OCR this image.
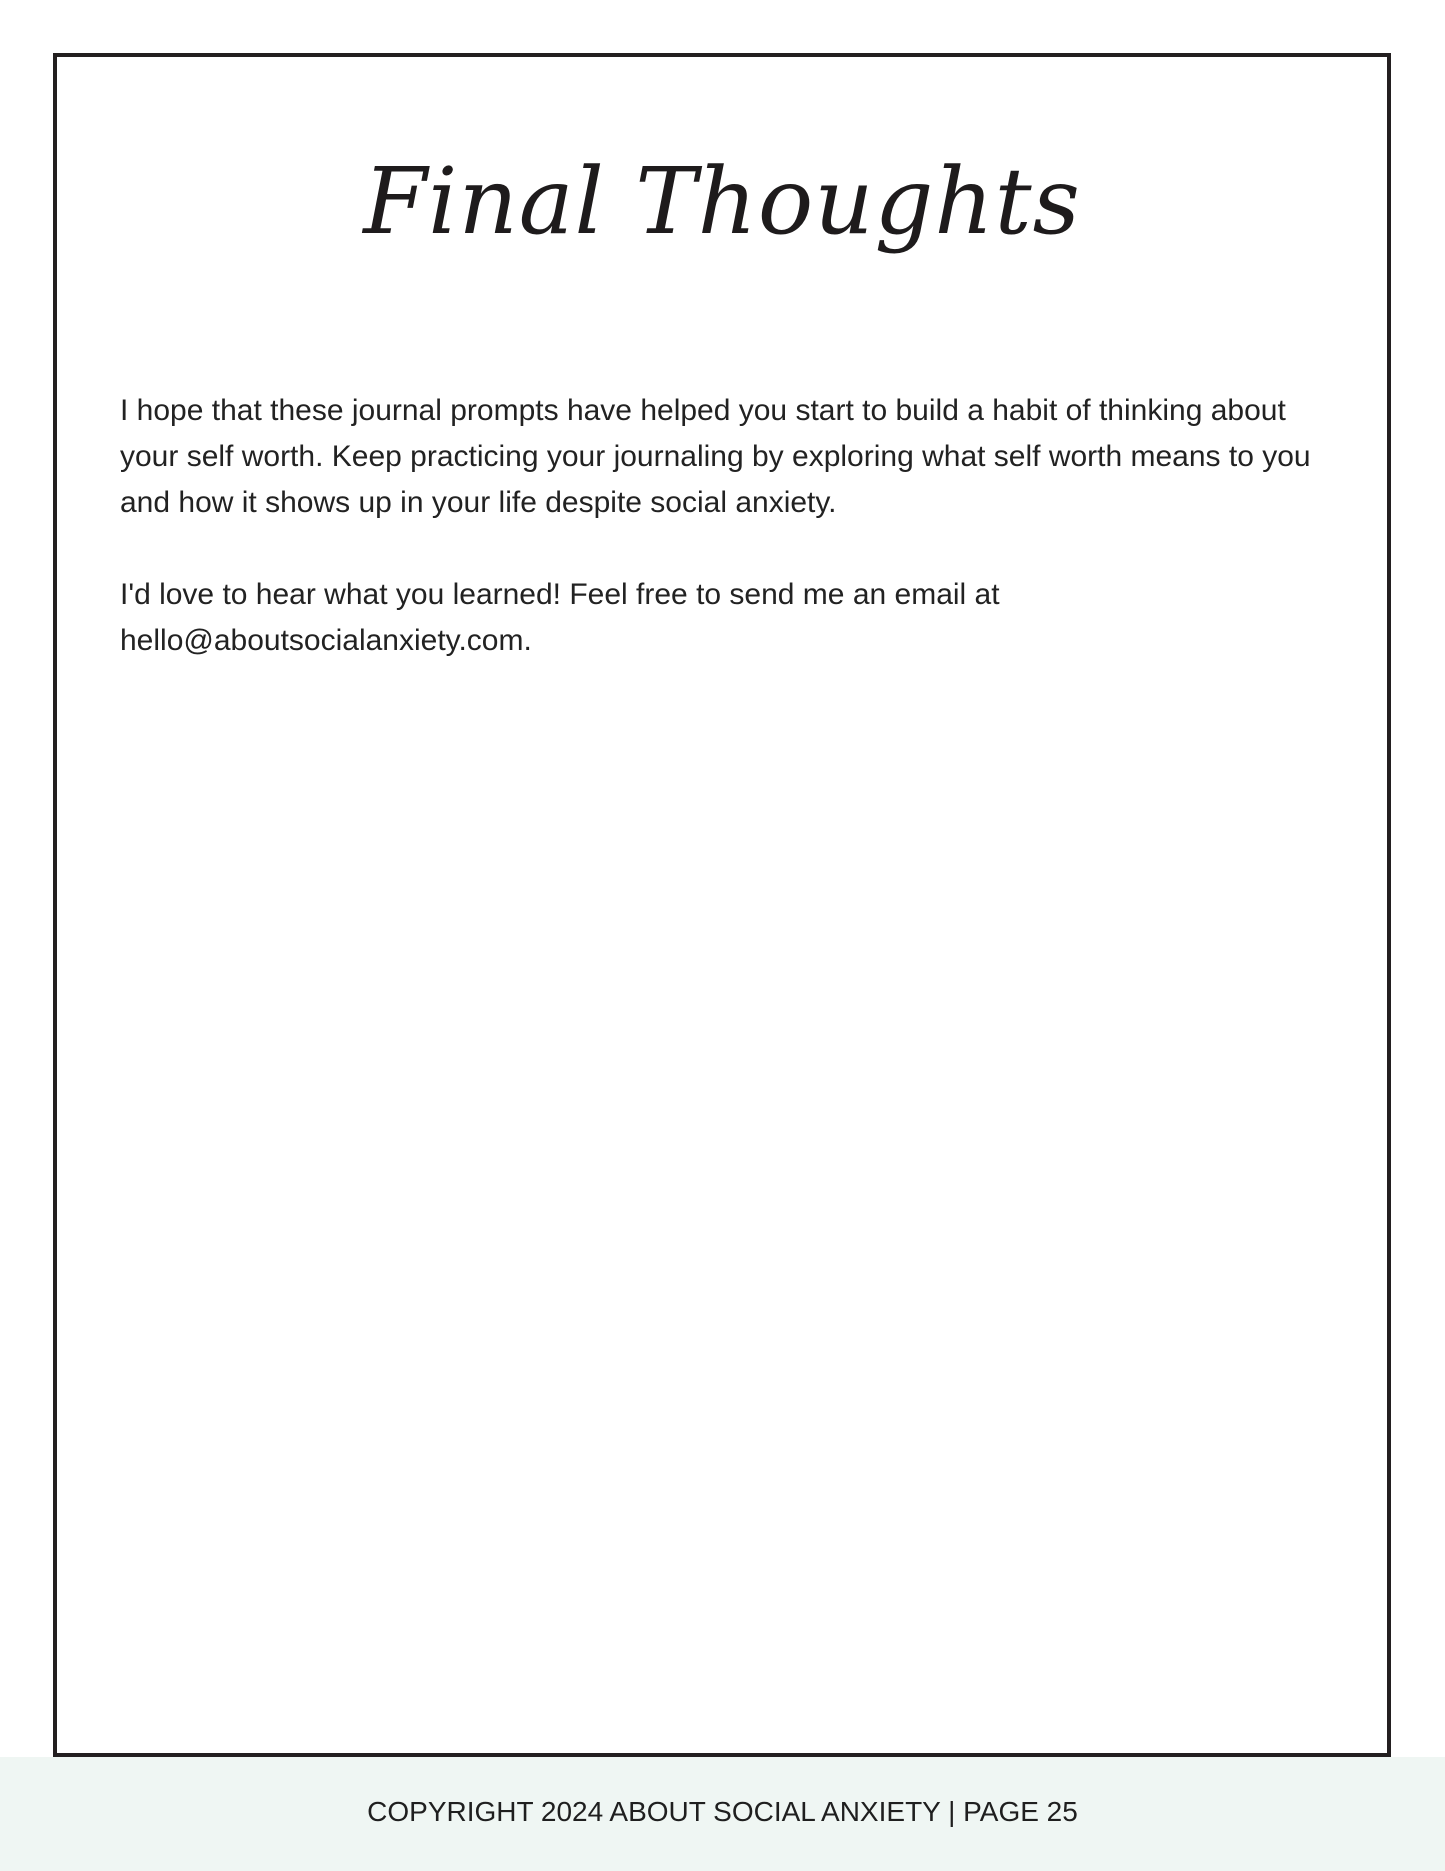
Final Thoughts

I hope that these journal prompts have helped you start to build a habit of thinking about your self worth. Keep practicing your journaling by exploring what self worth means to you and how it shows up in your life despite social anxiety.

I'd love to hear what you learned! Feel free to send me an email at hello@aboutsocialanxiety.com.

COPYRIGHT 2024 ABOUT SOCIAL ANXIETY | PAGE 25
